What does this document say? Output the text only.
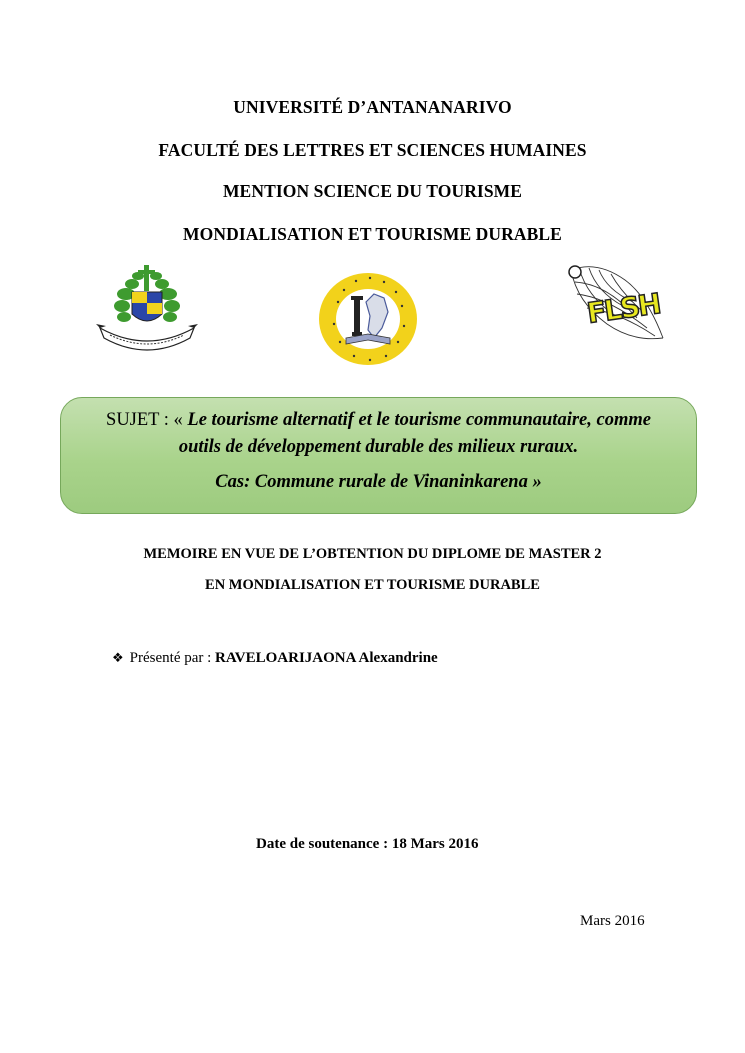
UNIVERSITÉ D’ANTANANARIVO
FACULTÉ DES LETTRES ET SCIENCES HUMAINES
MENTION SCIENCE DU TOURISME
MONDIALISATION ET TOURISME DURABLE
FLSH
SUJET : « Le tourisme alternatif et le tourisme communautaire, comme
outils de développement durable des milieux ruraux.
Cas: Commune rurale de Vinaninkarena »
MEMOIRE EN VUE DE L’OBTENTION DU DIPLOME DE MASTER 2
EN MONDIALISATION ET TOURISME DURABLE
❖ Présenté par : RAVELOARIJAONA Alexandrine
Date de soutenance : 18 Mars 2016
Mars 2016
